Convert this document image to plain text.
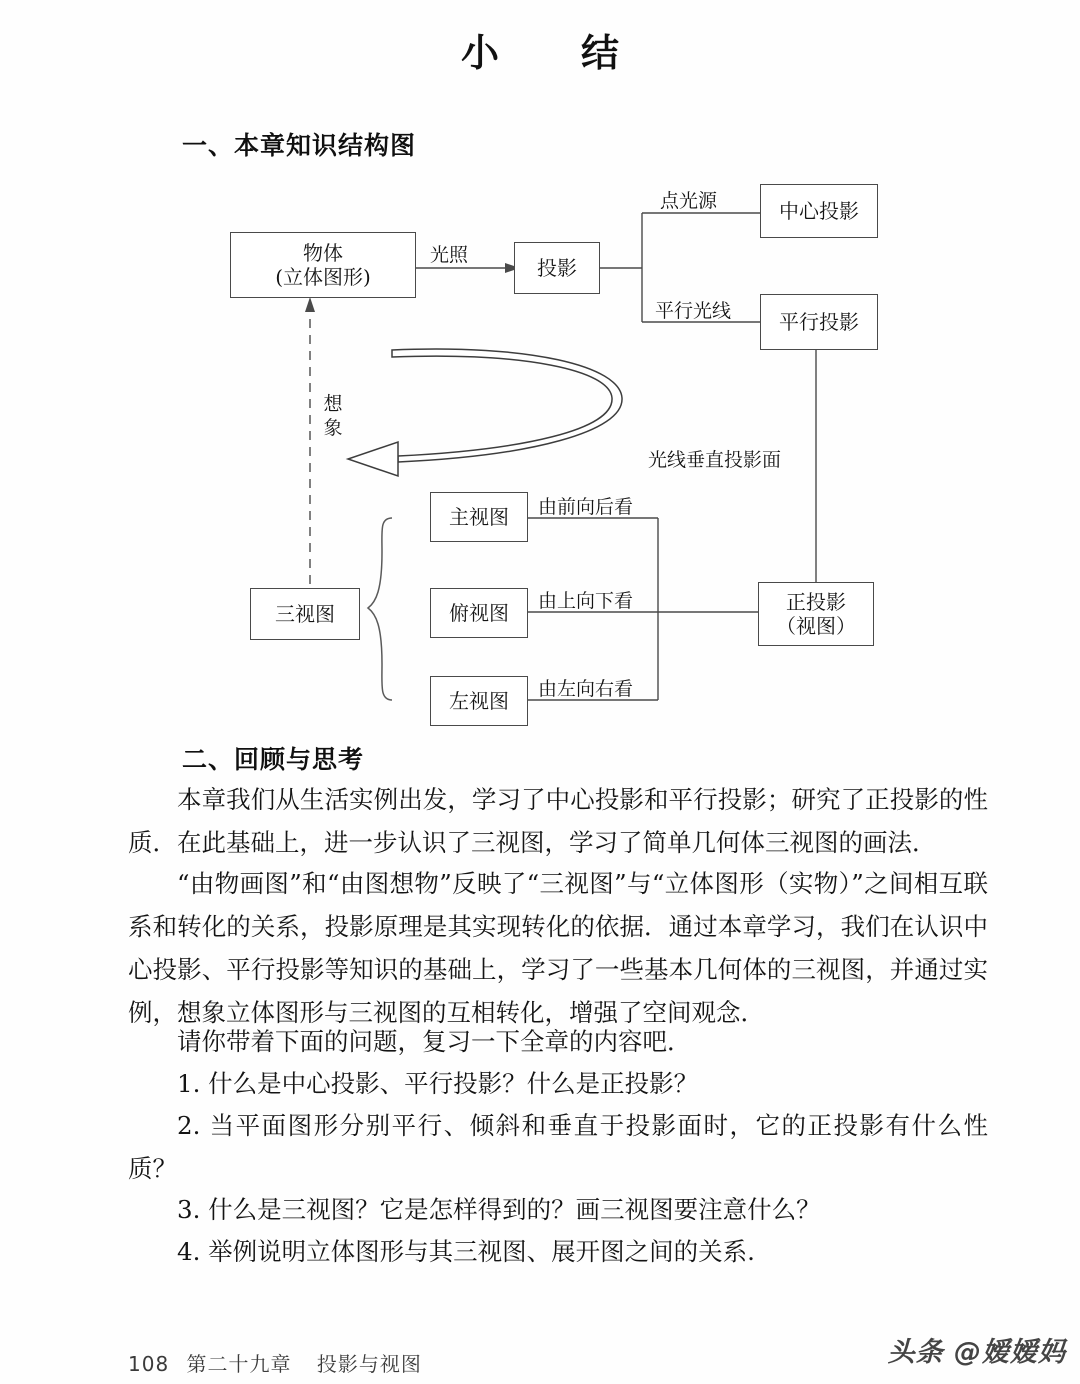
小　结
一、本章知识结构图
物体
(立体图形)	投影
中心投影
平行投影
正投影
（视图）
三视图
主视图
俯视图
左视图
光照
点光源
平行光线
光线垂直投影面
想象
由前向后看
由上向下看
由左向右看
二、回顾与思考

本章我们从生活实例出发，学习了中心投影和平行投影；研究了正投影的性质．在此基础上，进一步认识了三视图，学习了简单几何体三视图的画法．

“由物画图”和“由图想物”反映了“三视图”与“立体图形（实物）”之间相互联系和转化的关系，投影原理是其实现转化的依据．通过本章学习，我们在认识中心投影、平行投影等知识的基础上，学习了一些基本几何体的三视图，并通过实例，想象立体图形与三视图的互相转化，增强了空间观念．

请你带着下面的问题，复习一下全章的内容吧．

1. 什么是中心投影、平行投影？什么是正投影？

2. 当平面图形分别平行、倾斜和垂直于投影面时，它的正投影有什么性质？

3. 什么是三视图？它是怎样得到的？画三视图要注意什么？

4. 举例说明立体图形与其三视图、展开图之间的关系.

108 第二十九章 投影与视图	头条 @嫒嫒妈
